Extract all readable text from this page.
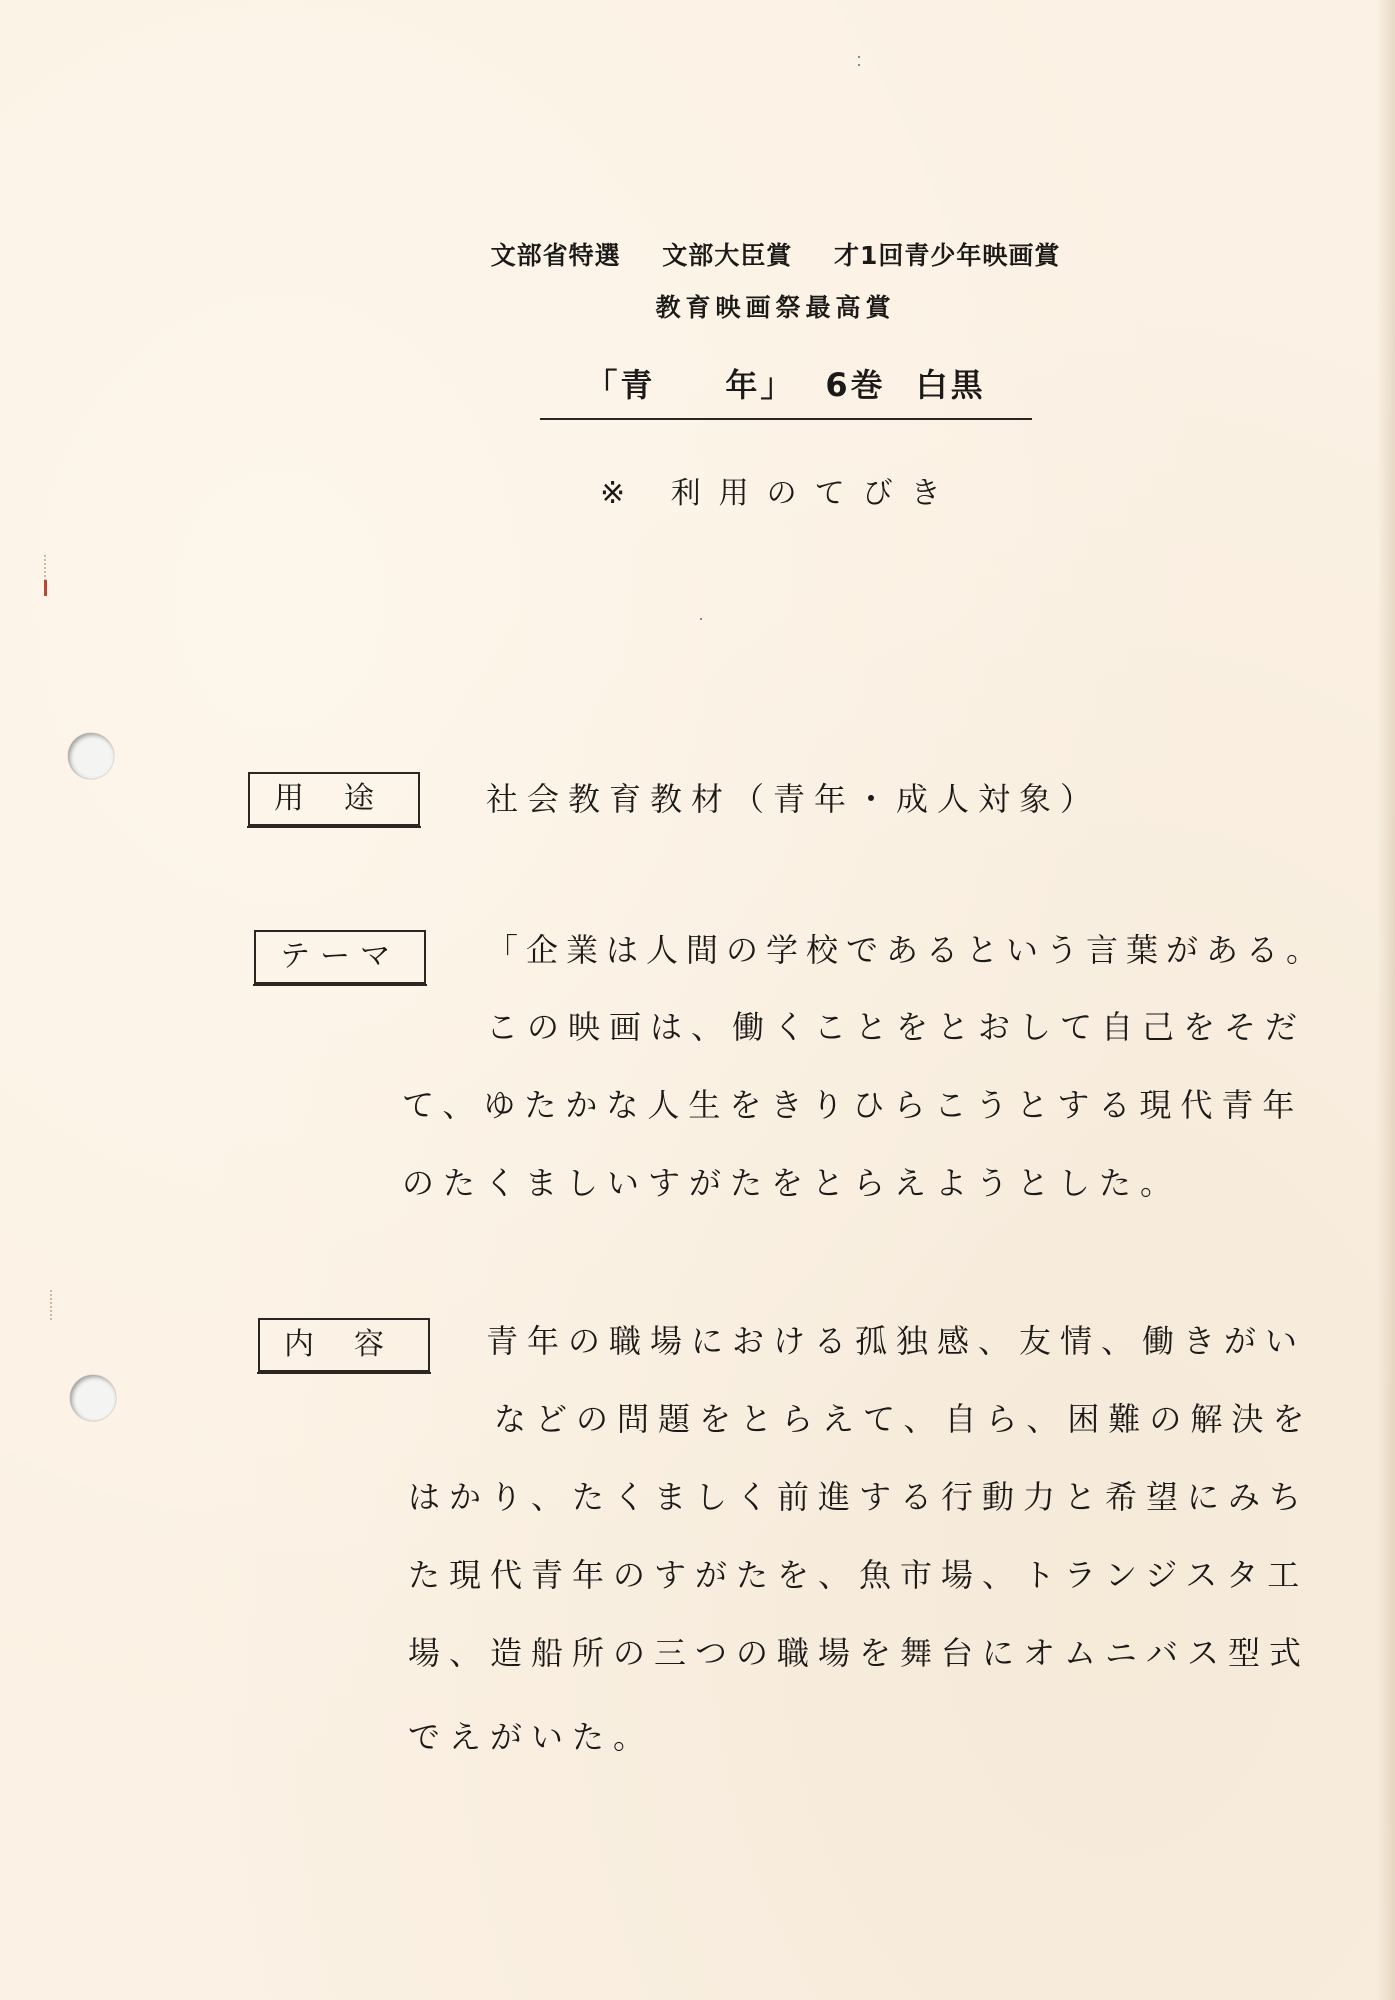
文部省特選 文部大臣賞 才1回青少年映画賞
教育映画祭最高賞
「青　　年」 6巻 白黒
※ 利用のてびき
用途 社会教育教材（青年・成人対象）
テーマ	「企業は人間の学校であるという言葉がある。
この映画は、働くことをとおして自己をそだ
て、ゆたかな人生をきりひらこうとする現代青年
のたくましいすがたをとらえようとした。
内容 青年の職場における孤独感、友情、働きがい
などの問題をとらえて、自ら、困難の解決を
はかり、たくましく前進する行動力と希望にみち
た現代青年のすがたを、魚市場、トランジスタ工
場、造船所の三つの職場を舞台にオムニバス型式
でえがいた。
